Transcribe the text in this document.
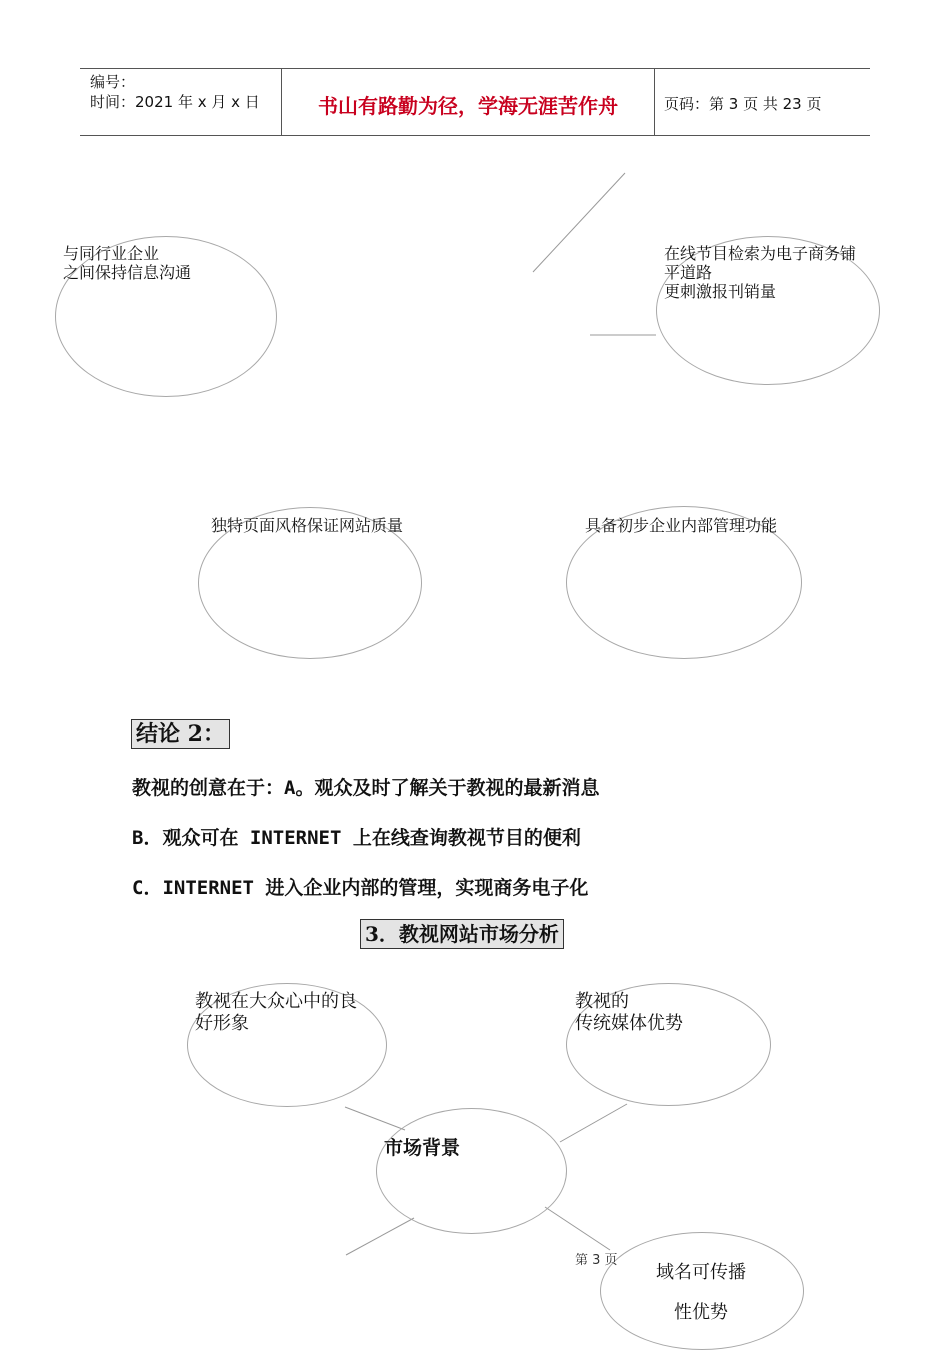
编号：
时间：2021 年 x 月 x 日	书山有路勤为径，学海无涯苦作舟	页码：第 3 页 共 23 页
与同行业企业
之间保持信息沟通
在线节目检索为电子商务铺
平道路
更刺激报刊销量
独特页面风格保证网站质量	具备初步企业内部管理功能
结论 2：
教视的创意在于：A。观众及时了解关于教视的最新消息
B．观众可在 INTERNET 上在线查询教视节目的便利
C．INTERNET 进入企业内部的管理，实现商务电子化
3．教视网站市场分析
教视在大众心中的良
好形象
教视的
传统媒体优势
市场背景
域名可传播
性优势
第 3 页
